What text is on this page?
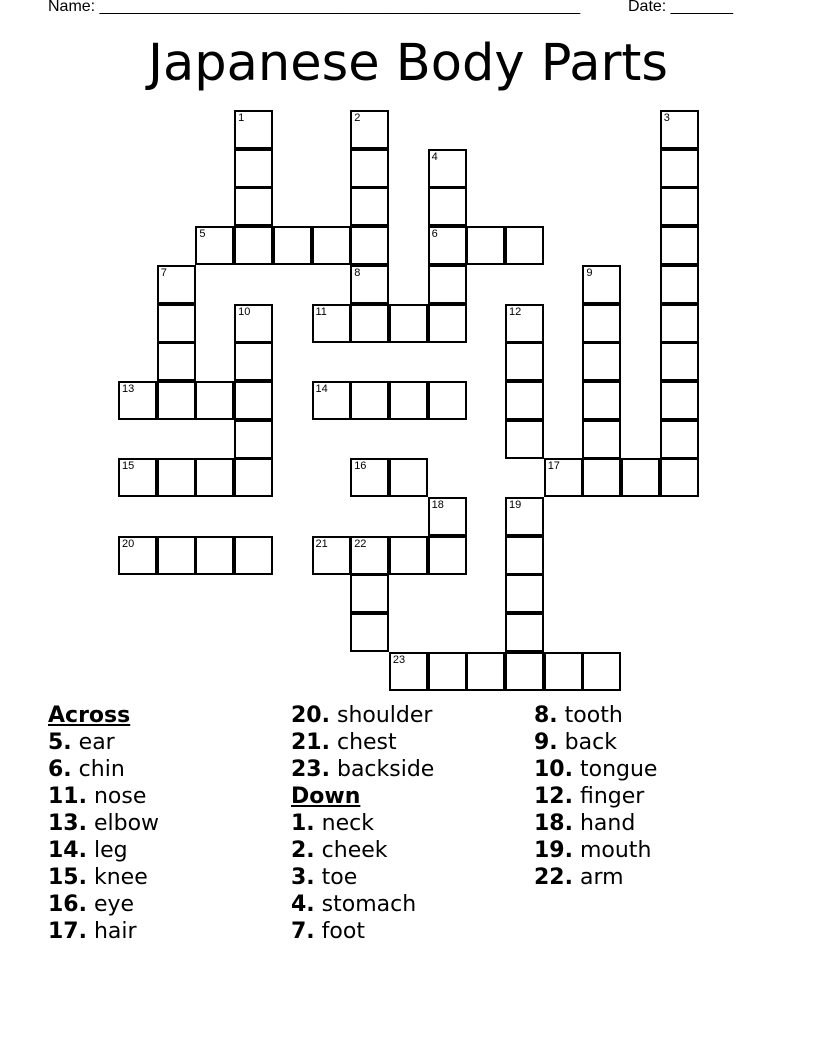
Name: ______________________________________________________	Date: _______
Japanese Body Parts
1	2
8
3
4
6
5
7	9
10	11	12
13	14
15	16	17
18	19
20	21 22
23
Across
5. ear
6. chin
11. nose
13. elbow
14. leg
15. knee
16. eye
17. hair
20. shoulder
21. chest
23. backside
Down
1. neck
2. cheek
3. toe
4. stomach
7. foot
8. tooth
9. back
10. tongue
12. finger
18. hand
19. mouth
22. arm
